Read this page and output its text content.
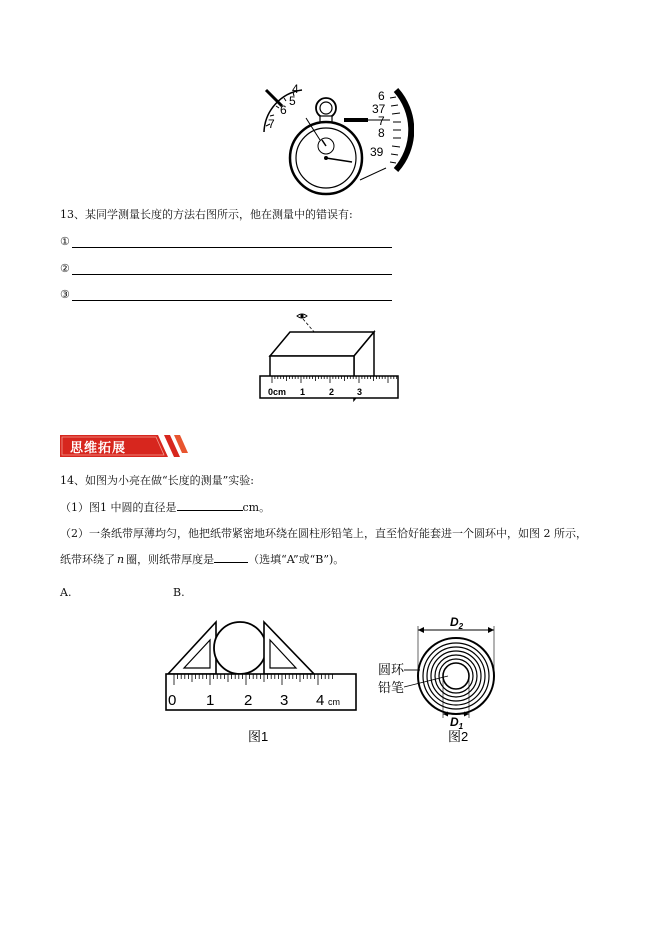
4
5
6
7
6
37
7
8
39
13、某同学测量长度的方法右图所示，他在测量中的错误有:
①
②
③
0cm 1	2	3
思维拓展
14、如图为小亮在做“长度的测量”实验:
（1）图1 中圆的直径是	cm。
（2）一条纸带厚薄均匀，他把纸带紧密地环绕在圆柱形铅笔上，直至恰好能套进一个圆环中，如图 2 所示，
纸带环绕了 n 圈，则纸带厚度是	（选填“A”或“B”)。
A.	B.
0 1 2 3 4 cm
图1
$D_2$
$D_1$
圆环
铅笔
图2
